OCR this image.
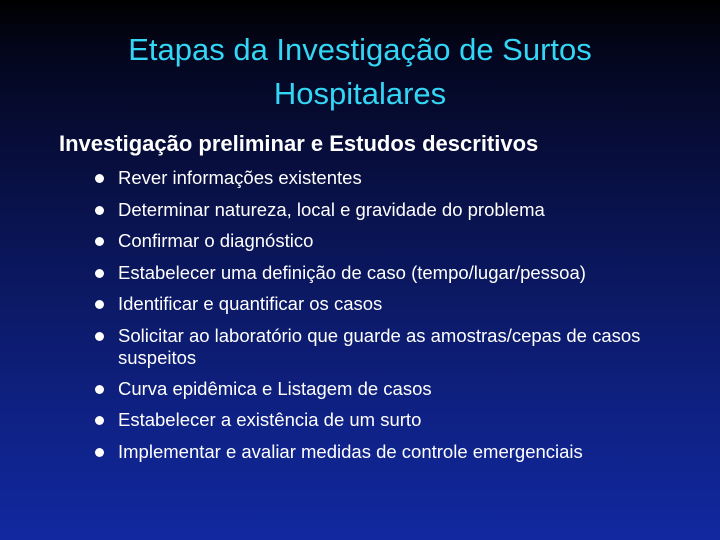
Etapas da Investigação de Surtos
Hospitalares
Investigação preliminar e Estudos descritivos
Rever informações existentes
Determinar natureza, local e gravidade do problema
Confirmar o diagnóstico
Estabelecer uma definição de caso (tempo/lugar/pessoa)
Identificar e quantificar os casos
Solicitar ao laboratório que guarde as amostras/cepas de casos suspeitos
Curva epidêmica e Listagem de casos
Estabelecer a existência de um surto
Implementar e avaliar medidas de controle emergenciais
